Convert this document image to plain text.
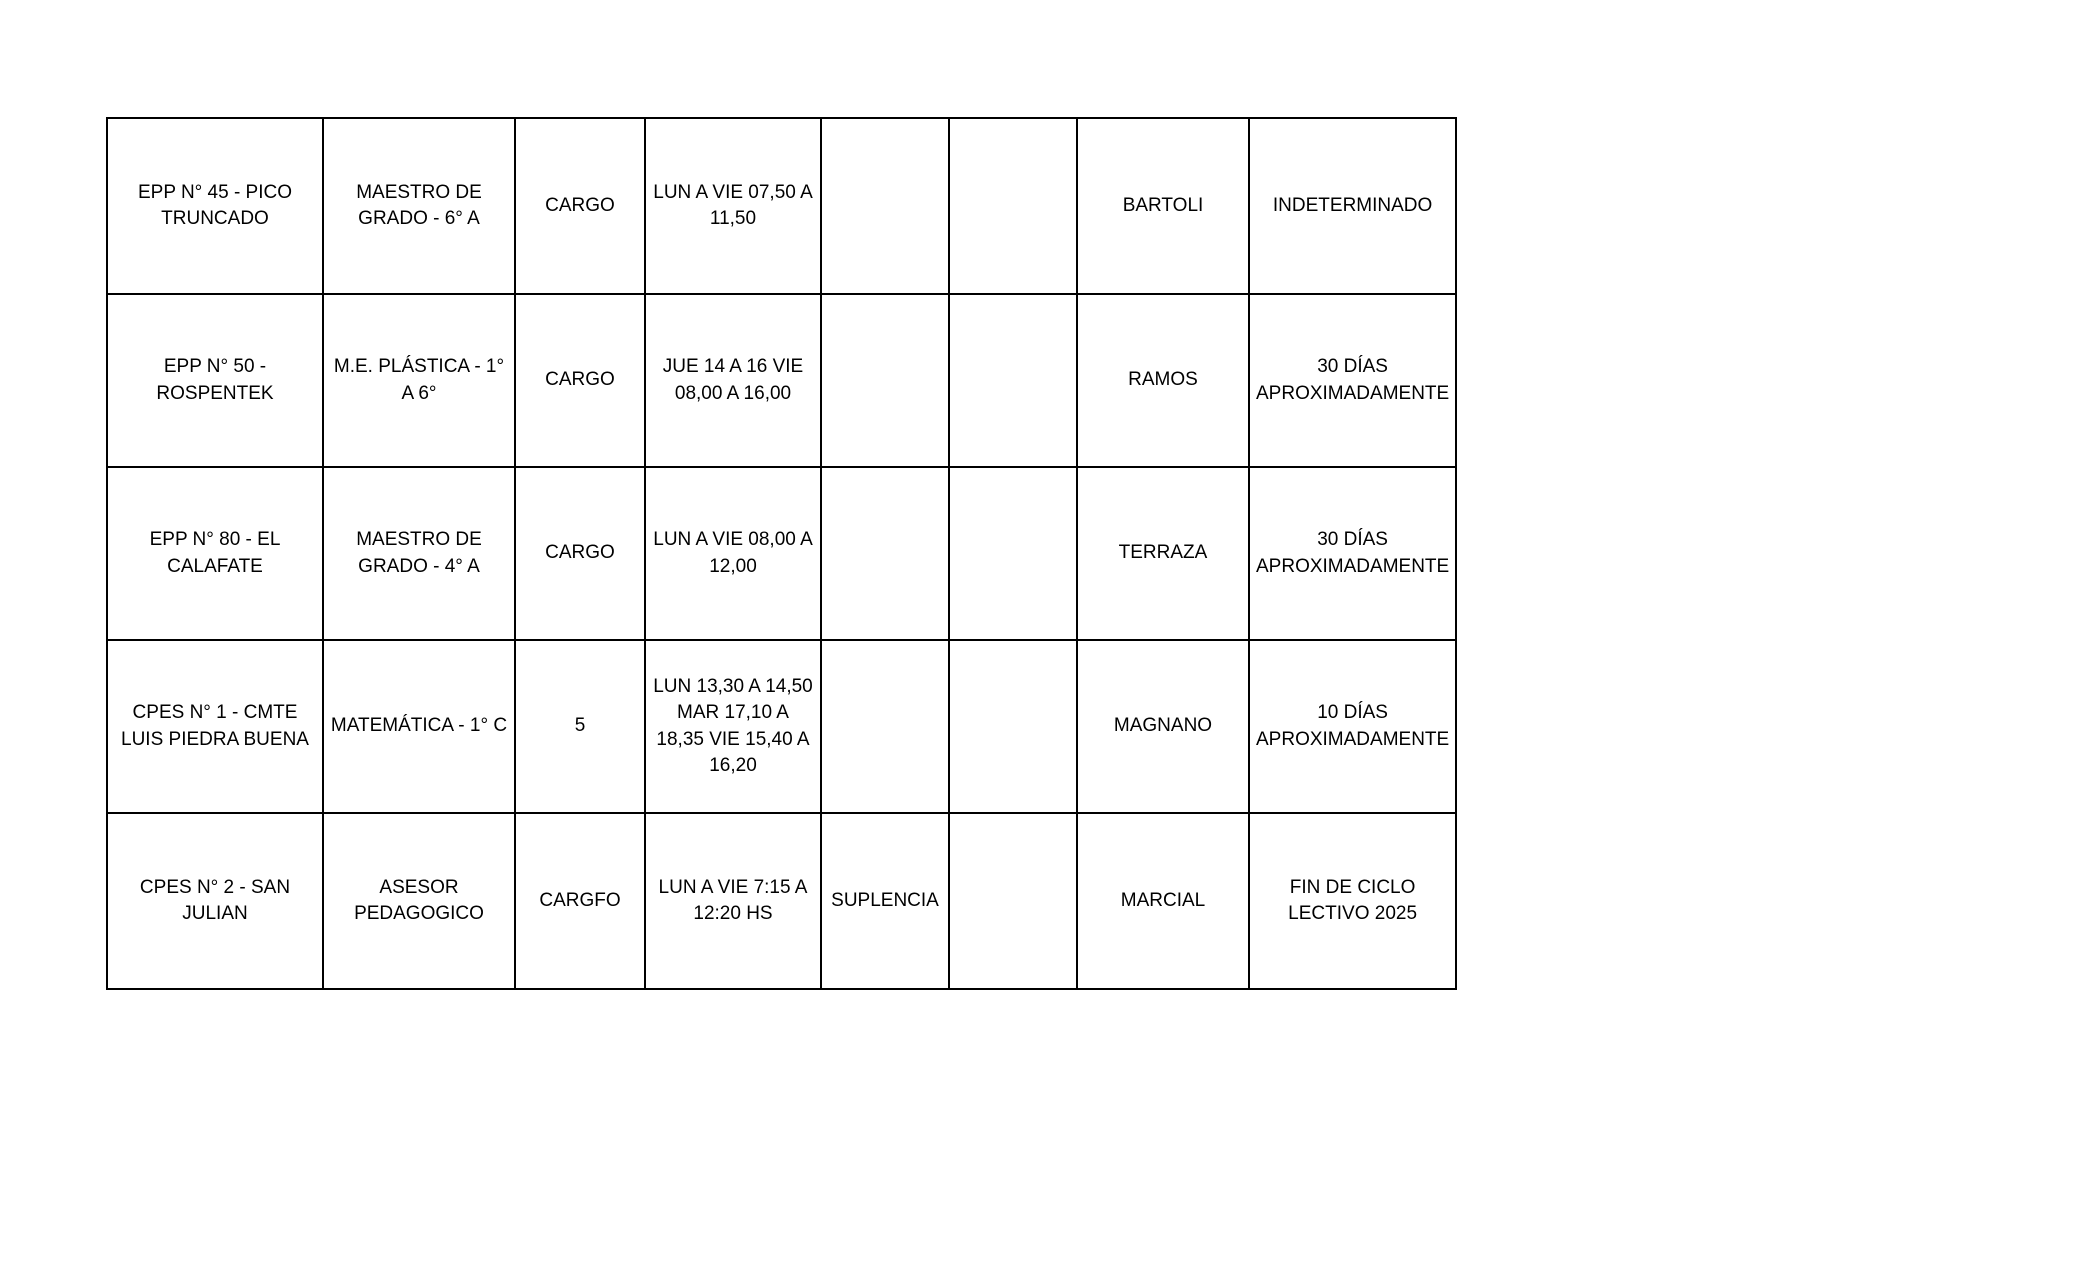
EPP N° 45 - PICO TRUNCADO	MAESTRO DE GRADO - 6° A	CARGO	LUN A VIE 07,50 A 11,50			BARTOLI	INDETERMINADO
EPP N° 50 - ROSPENTEK	M.E. PLÁSTICA - 1° A 6°	CARGO	JUE 14 A 16 VIE 08,00 A 16,00			RAMOS	30 DÍAS APROXIMADAMENTE
EPP N° 80 - EL CALAFATE	MAESTRO DE GRADO - 4° A	CARGO	LUN A VIE 08,00 A 12,00			TERRAZA	30 DÍAS APROXIMADAMENTE
CPES N° 1 - CMTE LUIS PIEDRA BUENA	MATEMÁTICA - 1° C	5	LUN 13,30 A 14,50 MAR 17,10 A 18,35 VIE 15,40 A 16,20			MAGNANO	10 DÍAS APROXIMADAMENTE
CPES N° 2 - SAN JULIAN	ASESOR PEDAGOGICO	CARGFO	LUN A VIE 7:15 A 12:20 HS	SUPLENCIA		MARCIAL	FIN DE CICLO LECTIVO 2025
